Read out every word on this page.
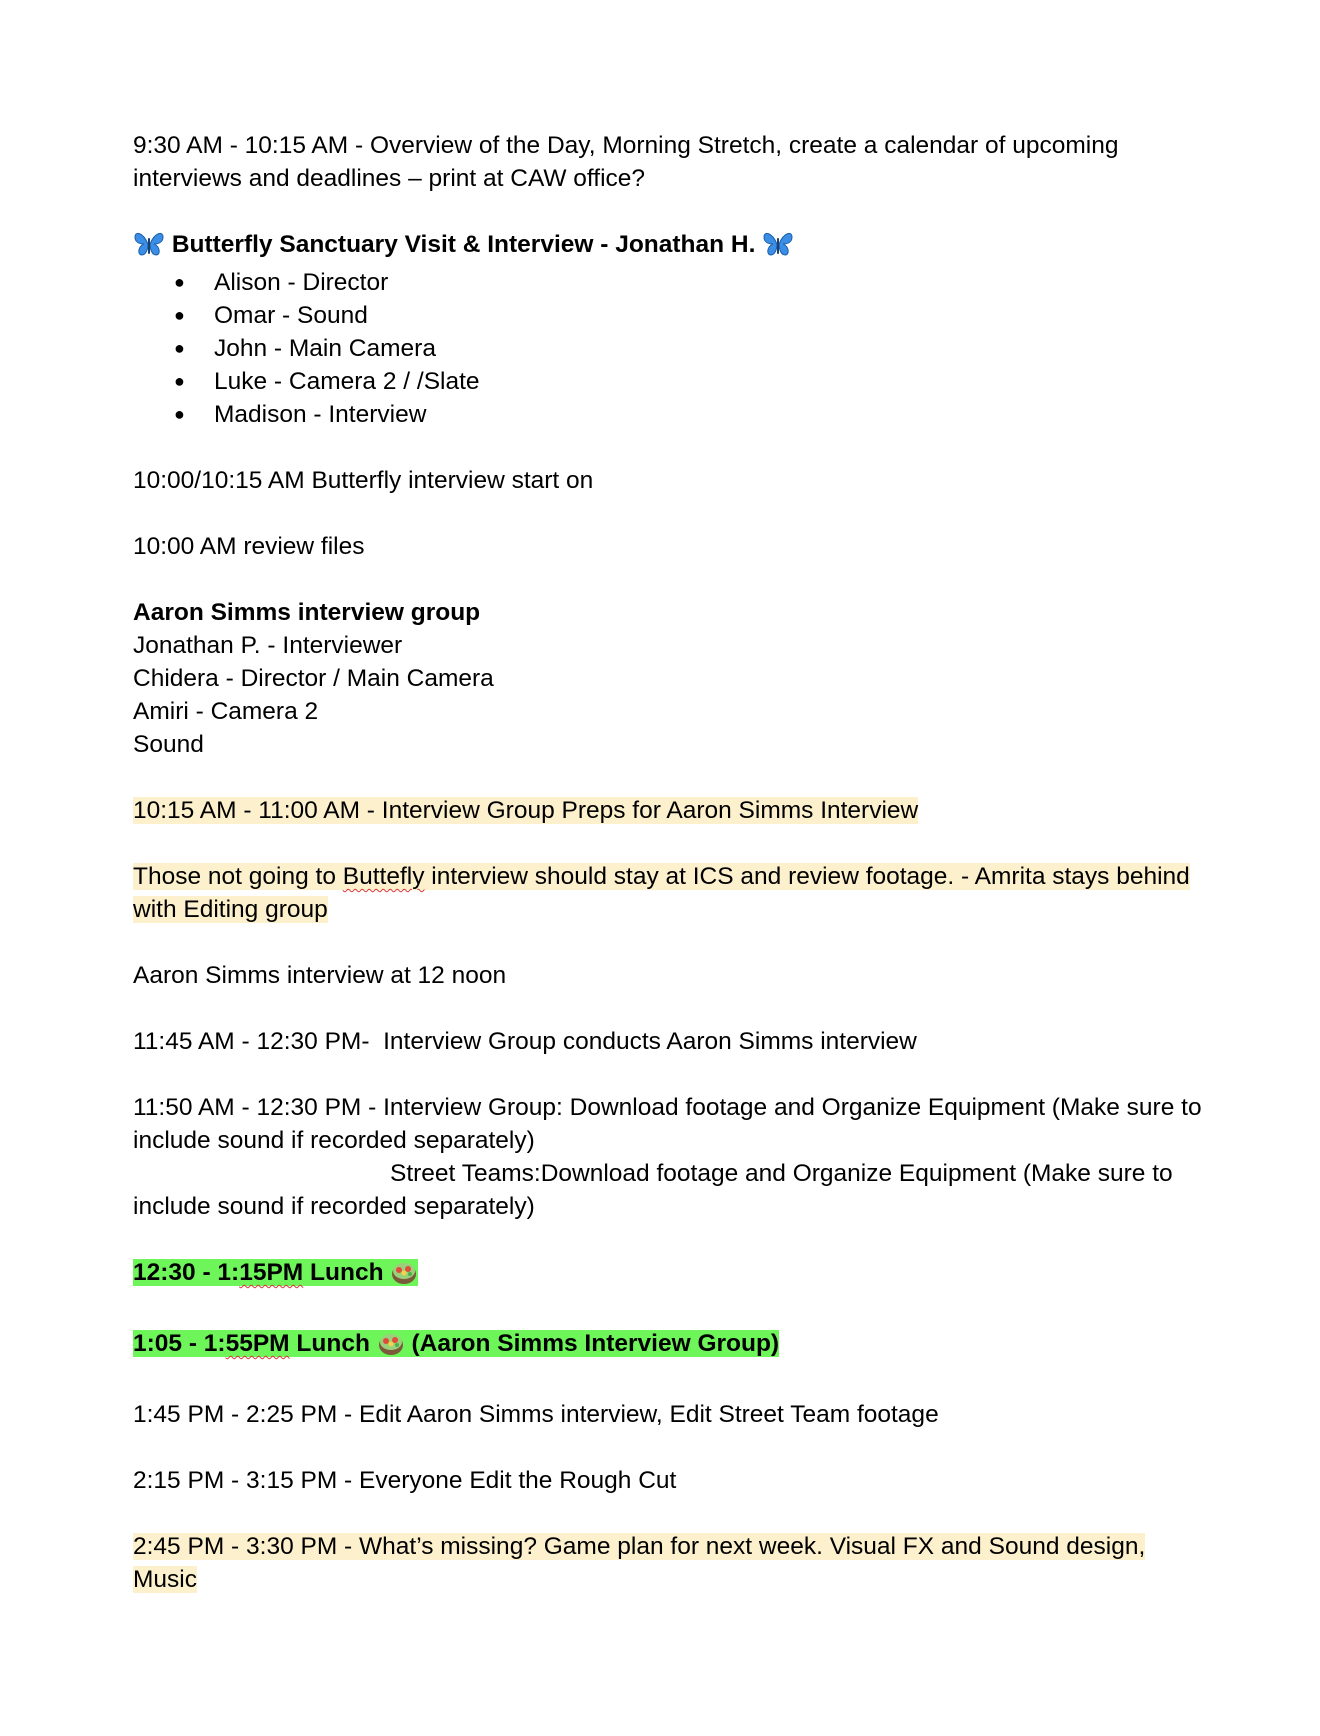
9:30 AM - 10:15 AM - Overview of the Day, Morning Stretch, create a calendar of upcoming interviews and deadlines – print at CAW office?

Butterfly Sanctuary Visit & Interview - Jonathan H.

● Alison - Director
● Omar - Sound
● John - Main Camera
● Luke - Camera 2 / /Slate
● Madison - Interview

10:00/10:15 AM Butterfly interview start on

10:00 AM review files

Aaron Simms interview group

Jonathan P. - Interviewer

Chidera - Director / Main Camera

Amiri - Camera 2

Sound

10:15 AM - 11:00 AM - Interview Group Preps for Aaron Simms Interview

Those not going to Buttefly interview should stay at ICS and review footage. - Amrita stays behind with Editing group

Aaron Simms interview at 12 noon

11:45 AM - 12:30 PM-  Interview Group conducts Aaron Simms interview

11:50 AM - 12:30 PM - Interview Group: Download footage and Organize Equipment (Make sure to include sound if recorded separately)

Street Teams:Download footage and Organize Equipment (Make sure to

include sound if recorded separately)

12:30 - 1:15PM Lunch

1:05 - 1:55PM Lunch  (Aaron Simms Interview Group)

1:45 PM - 2:25 PM - Edit Aaron Simms interview, Edit Street Team footage

2:15 PM - 3:15 PM - Everyone Edit the Rough Cut

2:45 PM - 3:30 PM - What’s missing? Game plan for next week. Visual FX and Sound design, Music
